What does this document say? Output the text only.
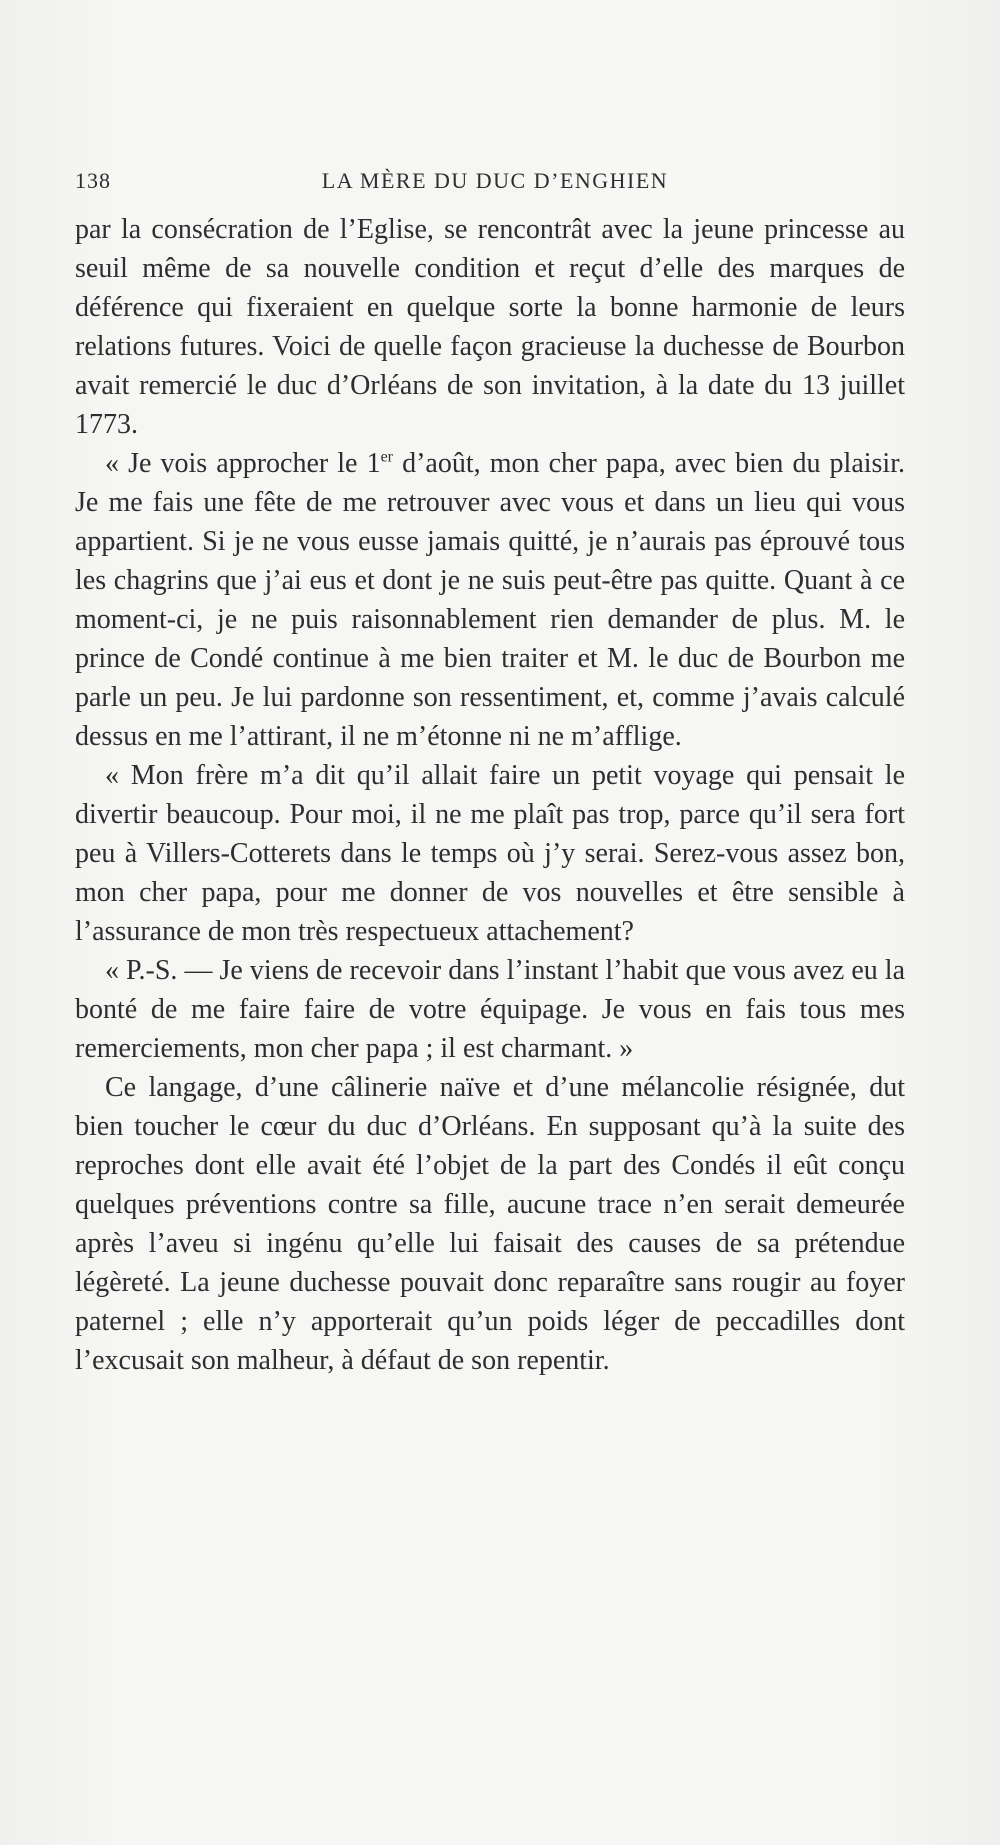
138	LA MÈRE DU DUC D’ENGHIEN

par la consécration de l’Eglise, se rencontrât avec la jeune princesse au seuil même de sa nouvelle condition et reçut d’elle des marques de déférence qui fixeraient en quelque sorte la bonne harmonie de leurs relations futures. Voici de quelle façon gracieuse la duchesse de Bourbon avait remercié le duc d’Orléans de son invitation, à la date du 13 juillet 1773.

« Je vois approcher le 1er d’août, mon cher papa, avec bien du plaisir. Je me fais une fête de me retrouver avec vous et dans un lieu qui vous appartient. Si je ne vous eusse jamais quitté, je n’aurais pas éprouvé tous les chagrins que j’ai eus et dont je ne suis peut-être pas quitte. Quant à ce moment-ci, je ne puis raisonnablement rien demander de plus. M. le prince de Condé continue à me bien traiter et M. le duc de Bourbon me parle un peu. Je lui pardonne son ressentiment, et, comme j’avais calculé dessus en me l’attirant, il ne m’étonne ni ne m’afflige.

« Mon frère m’a dit qu’il allait faire un petit voyage qui pensait le divertir beaucoup. Pour moi, il ne me plaît pas trop, parce qu’il sera fort peu à Villers-Cotterets dans le temps où j’y serai. Serez-vous assez bon, mon cher papa, pour me donner de vos nouvelles et être sensible à l’assurance de mon très respectueux attachement?

« P.-S. — Je viens de recevoir dans l’instant l’habit que vous avez eu la bonté de me faire faire de votre équipage. Je vous en fais tous mes remerciements, mon cher papa ; il est charmant. »

Ce langage, d’une câlinerie naïve et d’une mélancolie résignée, dut bien toucher le cœur du duc d’Orléans. En supposant qu’à la suite des reproches dont elle avait été l’objet de la part des Condés il eût conçu quelques préventions contre sa fille, aucune trace n’en serait demeurée après l’aveu si ingénu qu’elle lui faisait des causes de sa prétendue légèreté. La jeune duchesse pouvait donc reparaître sans rougir au foyer paternel ; elle n’y apporterait qu’un poids léger de peccadilles dont l’excusait son malheur, à défaut de son repentir.
